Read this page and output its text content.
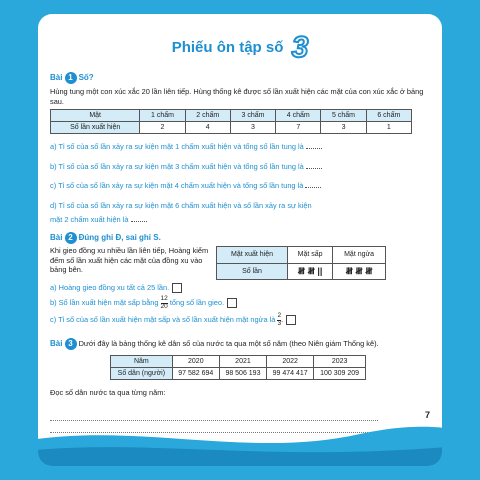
Phiếu ôn tập số 3
Bài 1 Số?
Hùng tung một con xúc xắc 20 lần liên tiếp. Hùng thống kê được số lần xuất hiện các mặt của con xúc xắc ở bảng sau.
Mặt	1 chấm	2 chấm	3 chấm	4 chấm	5 chấm	6 chấm
Số lần xuất hiện	2	4	3	7	3	1
a) Tỉ số của số lần xảy ra sự kiện mặt 1 chấm xuất hiện và tổng số lần tung là
b) Tỉ số của số lần xảy ra sự kiện mặt 3 chấm xuất hiện và tổng số lần tung là
c) Tỉ số của số lần xảy ra sự kiện mặt 4 chấm xuất hiện và tổng số lần tung là
d) Tỉ số của số lần xảy ra sự kiện mặt 6 chấm xuất hiện và số lần xảy ra sự kiện
mặt 2 chấm xuất hiện là
Bài 2 Đúng ghi Đ, sai ghi S.
Khi gieo đồng xu nhiều lần liên tiếp, Hoàng kiểm đếm số lần xuất hiện các mặt của đồng xu vào bảng bên.
Mặt xuất hiện	Mặt sấp	Mặt ngửa
Số lần	𝍸 𝍸 ||	𝍸 𝍸 𝍸
a) Hoàng gieo đồng xu tất cả 25 lần.
b) Số lần xuất hiện mặt sấp bằng $\frac{12}{20}$ tổng số lần gieo.
c) Tỉ số của số lần xuất hiện mặt sấp và số lần xuất hiện mặt ngửa là $\frac{2}{3}$ .
Bài 3 Dưới đây là bảng thống kê dân số của nước ta qua một số năm (theo Niên giám Thống kê).
Năm	2020	2021	2022	2023
Số dân (người)	97 582 694	98 506 193	99 474 417	100 309 209
Đọc số dân nước ta qua từng năm:
7
